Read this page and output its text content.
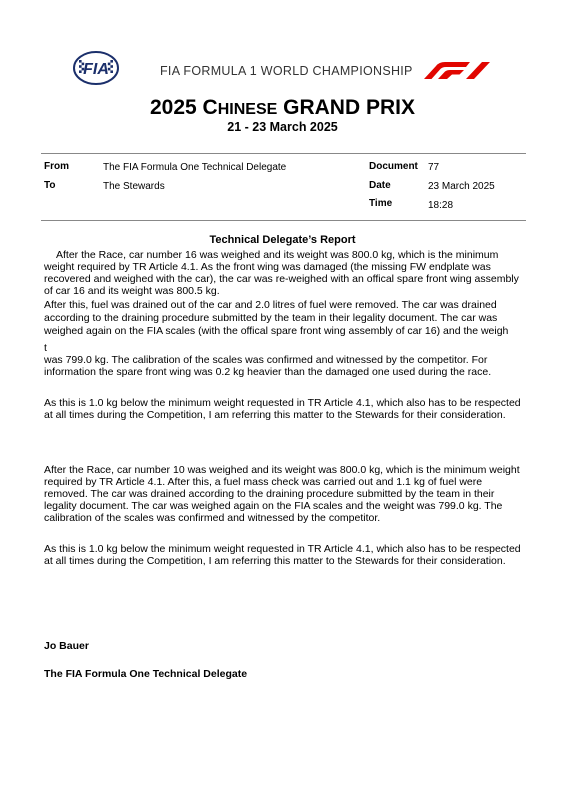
FIA	FIA FORMULA 1 WORLD CHAMPIONSHIP
2025 CHINESE GRAND PRIX
21 - 23 March 2025
From	The FIA Formula One Technical Delegate	Document 77
To	The Stewards	Date	23 March 2025
Time	18:28
Technical Delegate’s Report
After the Race, car number 16 was weighed and its weight was 800.0 kg, which is the minimum weight required by TR Article 4.1. As the front wing was damaged (the missing FW endplate was recovered and weighed with the car), the car was re-weighed with an offical spare front wing assembly of car 16 and its weight was 800.5 kg.
After this, fuel was drained out of the car and 2.0 litres of fuel were removed. The car was drained according to the draining procedure submitted by the team in their legality document. The car was weighed again on the FIA scales (with the offical spare front wing assembly of car 16) and the weigh
t
was 799.0 kg. The calibration of the scales was confirmed and witnessed by the competitor. For information the spare front wing was 0.2 kg heavier than the damaged one used during the race.
As this is 1.0 kg below the minimum weight requested in TR Article 4.1, which also has to be respected at all times during the Competition, I am referring this matter to the Stewards for their consideration.
After the Race, car number 10 was weighed and its weight was 800.0 kg, which is the minimum weight required by TR Article 4.1. After this, a fuel mass check was carried out and 1.1 kg of fuel were removed. The car was drained according to the draining procedure submitted by the team in their legality document. The car was weighed again on the FIA scales and the weight was 799.0 kg. The calibration of the scales was confirmed and witnessed by the competitor.
As this is 1.0 kg below the minimum weight requested in TR Article 4.1, which also has to be respected at all times during the Competition, I am referring this matter to the Stewards for their consideration.
Jo Bauer
The FIA Formula One Technical Delegate
